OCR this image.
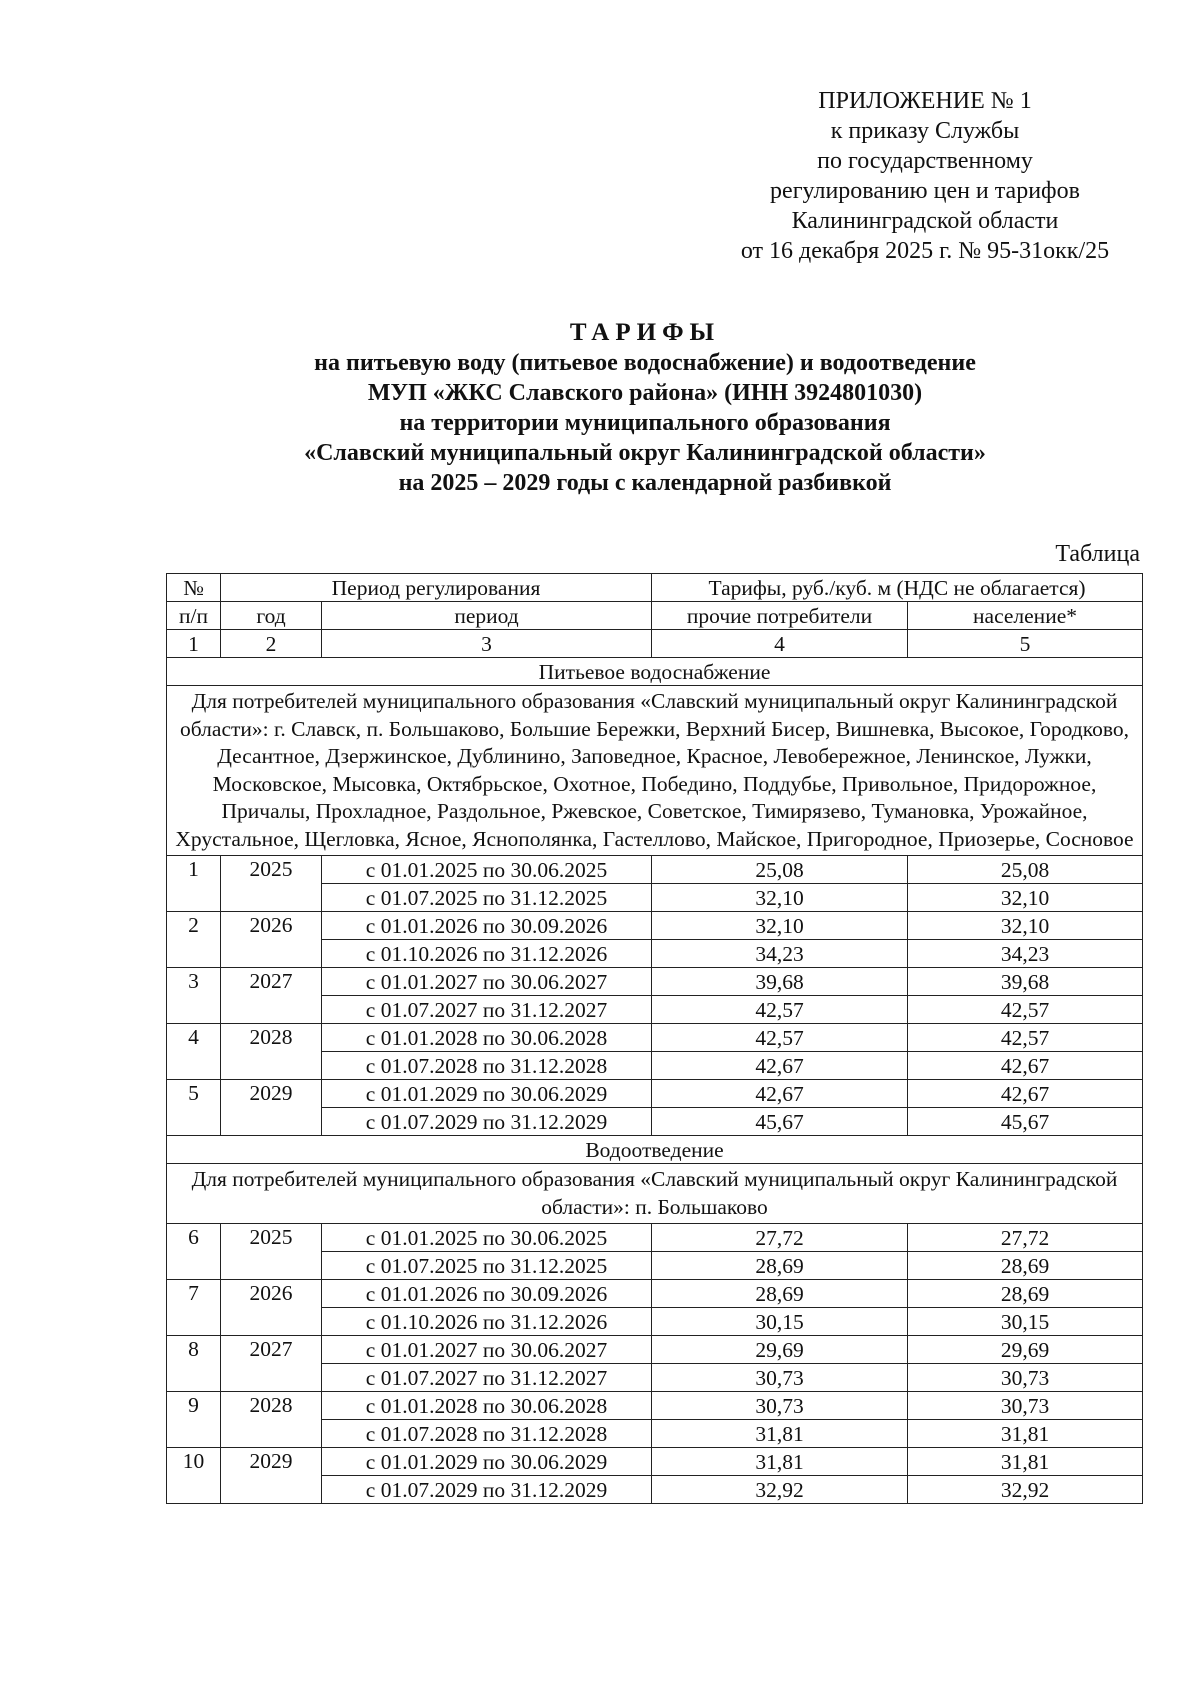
ПРИЛОЖЕНИЕ № 1
к приказу Службы
по государственному
регулированию цен и тарифов
Калининградской области
от 16 декабря 2025 г. № 95-31окк/25
ТАРИФЫ
на питьевую воду (питьевое водоснабжение) и водоотведение
МУП «ЖКС Славского района» (ИНН 3924801030)
на территории муниципального образования
«Славский муниципальный округ Калининградской области»
на 2025 – 2029 годы с календарной разбивкой
Таблица
№	Период регулирования		Тарифы, руб./куб. м (НДС не облагается)	
п/п	год	период	прочие потребители	население*
1	2	3	4	5
Питьевое водоснабжение				
Для потребителей муниципального образования «Славский муниципальный округ Калининградской области»: г. Славск, п. Большаково, Большие Бережки, Верхний Бисер, Вишневка, Высокое, Городково, Десантное, Дзержинское, Дублинино, Заповедное, Красное, Левобережное, Ленинское, Лужки, Московское, Мысовка, Октябрьское, Охотное, Победино, Поддубье, Привольное, Придорожное, Причалы, Прохладное, Раздольное, Ржевское, Советское, Тимирязево, Тумановка, Урожайное, Хрустальное, Щегловка, Ясное, Яснополянка, Гастеллово, Майское, Пригородное, Приозерье, Сосновое				
1	2025	с 01.01.2025 по 30.06.2025	25,08	25,08
		с 01.07.2025 по 31.12.2025	32,10	32,10
2	2026	с 01.01.2026 по 30.09.2026	32,10	32,10
		с 01.10.2026 по 31.12.2026	34,23	34,23
3	2027	с 01.01.2027 по 30.06.2027	39,68	39,68
		с 01.07.2027 по 31.12.2027	42,57	42,57
4	2028	с 01.01.2028 по 30.06.2028	42,57	42,57
		с 01.07.2028 по 31.12.2028	42,67	42,67
5	2029	с 01.01.2029 по 30.06.2029	42,67	42,67
		с 01.07.2029 по 31.12.2029	45,67	45,67
Водоотведение				
Для потребителей муниципального образования «Славский муниципальный округ Калининградской области»: п. Большаково				
6	2025	с 01.01.2025 по 30.06.2025	27,72	27,72
		с 01.07.2025 по 31.12.2025	28,69	28,69
7	2026	с 01.01.2026 по 30.09.2026	28,69	28,69
		с 01.10.2026 по 31.12.2026	30,15	30,15
8	2027	с 01.01.2027 по 30.06.2027	29,69	29,69
		с 01.07.2027 по 31.12.2027	30,73	30,73
9	2028	с 01.01.2028 по 30.06.2028	30,73	30,73
		с 01.07.2028 по 31.12.2028	31,81	31,81
10	2029	с 01.01.2029 по 30.06.2029	31,81	31,81
		с 01.07.2029 по 31.12.2029	32,92	32,92
